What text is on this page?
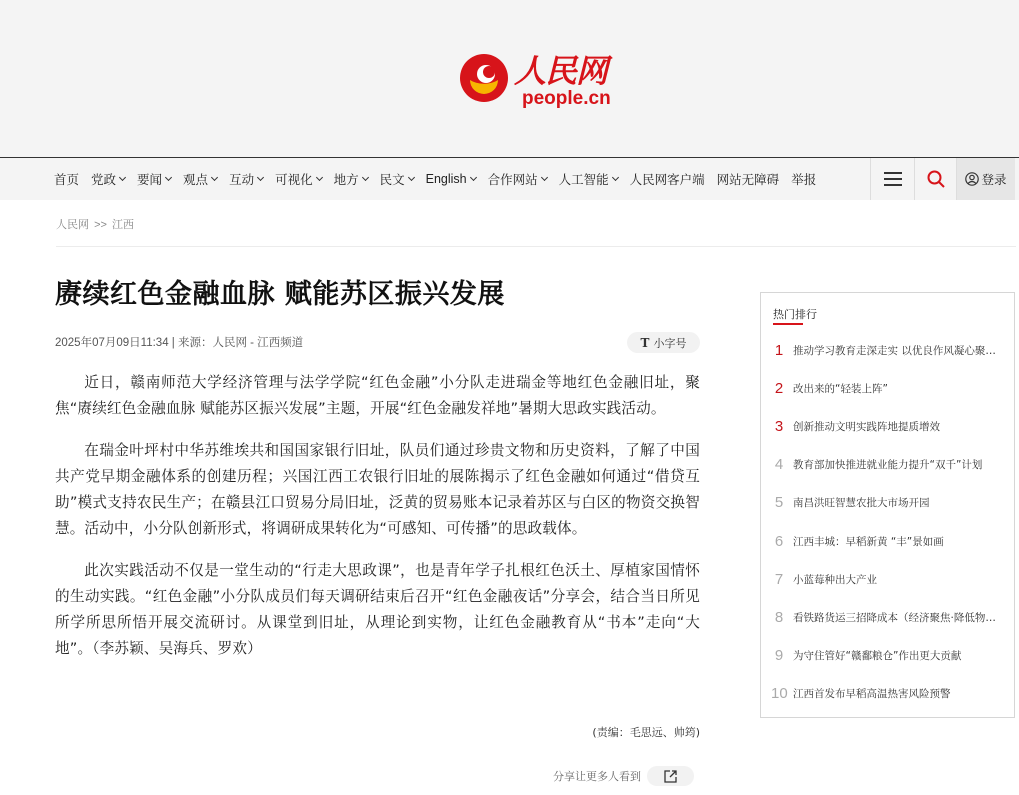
人民网
people.cn
首页 党政 要闻 观点 互动 可视化 地方 民文 English 合作网站 人工智能 人民网客户端 网站无障碍 举报	登录
人民网 >> 江西
赓续红色金融血脉 赋能苏区振兴发展
2025年07月09日11:34 | 来源：人民网 - 江西频道	T 小字号

近日，赣南师范大学经济管理与法学学院“红色金融”小分队走进瑞金等地红色金融旧址，聚焦“赓续红色金融血脉 赋能苏区振兴发展”主题，开展“红色金融发祥地”暑期大思政实践活动。

在瑞金叶坪村中华苏维埃共和国国家银行旧址，队员们通过珍贵文物和历史资料，了解了中国共产党早期金融体系的创建历程；兴国江西工农银行旧址的展陈揭示了红色金融如何通过“借贷互助”模式支持农民生产；在赣县江口贸易分局旧址，泛黄的贸易账本记录着苏区与白区的物资交换智慧。活动中，小分队创新形式，将调研成果转化为“可感知、可传播”的思政载体。

此次实践活动不仅是一堂生动的“行走大思政课”，也是青年学子扎根红色沃土、厚植家国情怀的生动实践。“红色金融”小分队成员们每天调研结束后召开“红色金融夜话”分享会，结合当日所见所学所思所悟开展交流研讨。从课堂到旧址，从理论到实物，让红色金融教育从“书本”走向“大地”。（李苏颖、吴海兵、罗欢）

(责编：毛思远、帅筠)
分享让更多人看到
热门排行
1 推动学习教育走深走实 以优良作风凝心聚…
2 改出来的“轻装上阵”
3 创新推动文明实践阵地提质增效
4 教育部加快推进就业能力提升“双千”计划
5 南昌洪旺智慧农批大市场开园
6 江西丰城：早稻新黄 “丰”景如画
7 小蓝莓种出大产业
8 看铁路货运三招降成本（经济聚焦·降低物…
9 为守住管好“赣鄱粮仓”作出更大贡献
10 江西首发布早稻高温热害风险预警
